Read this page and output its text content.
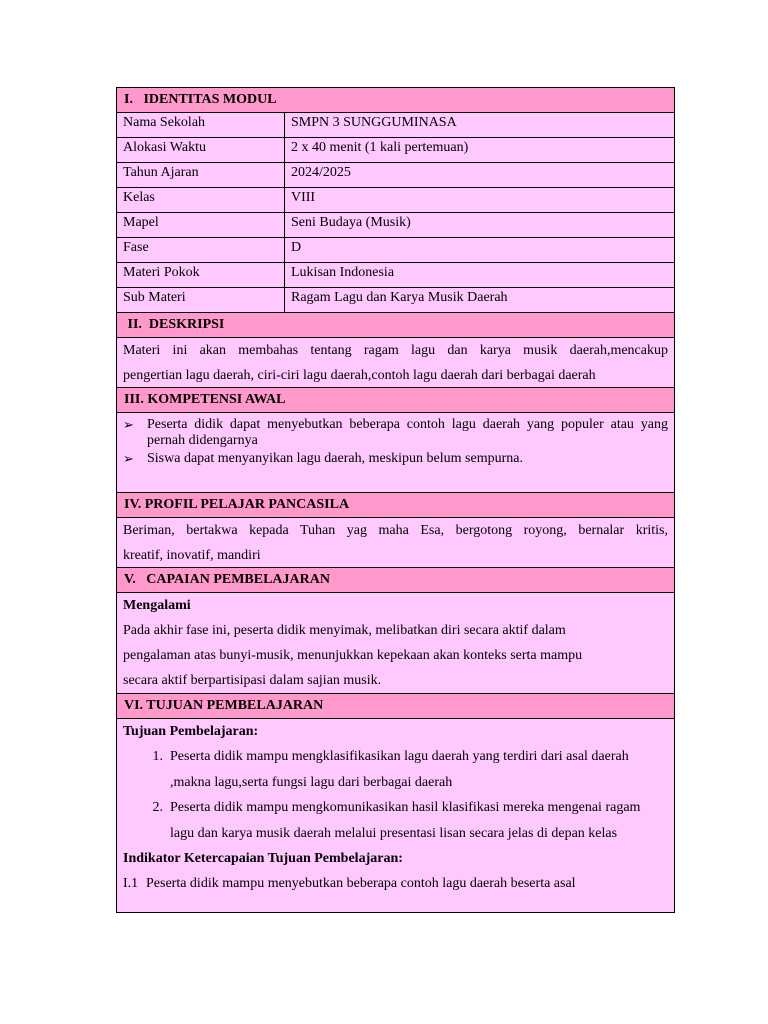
I.   IDENTITAS MODUL
Nama Sekolah	SMPN 3 SUNGGUMINASA
Alokasi Waktu	2 x 40 menit (1 kali pertemuan)
Tahun Ajaran	2024/2025
Kelas	VIII
Mapel	Seni Budaya (Musik)
Fase	D
Materi Pokok	Lukisan Indonesia
Sub Materi	Ragam Lagu dan Karya Musik Daerah
II.  DESKRIPSI
Materi ini akan membahas tentang ragam lagu dan karya musik daerah,mencakup
pengertian lagu daerah, ciri-ciri lagu daerah,contoh lagu daerah dari berbagai daerah
III. KOMPETENSI AWAL
➢ Peserta didik dapat menyebutkan beberapa contoh lagu daerah yang populer atau yang pernah didengarnya
➢ Siswa dapat menyanyikan lagu daerah, meskipun belum sempurna.
IV. PROFIL PELAJAR PANCASILA
Beriman, bertakwa kepada Tuhan yag maha Esa, bergotong royong, bernalar kritis,
kreatif, inovatif, mandiri
V.   CAPAIAN PEMBELAJARAN
Mengalami
Pada akhir fase ini, peserta didik menyimak, melibatkan diri secara aktif dalam
pengalaman atas bunyi-musik, menunjukkan kepekaan akan konteks serta mampu
secara aktif berpartisipasi dalam sajian musik.
VI. TUJUAN PEMBELAJARAN
Tujuan Pembelajaran:
1. Peserta didik mampu mengklasifikasikan lagu daerah yang terdiri dari asal daerah ,makna lagu,serta fungsi lagu dari berbagai daerah
2. Peserta didik mampu mengkomunikasikan hasil klasifikasi mereka mengenai ragam lagu dan karya musik daerah melalui presentasi lisan secara jelas di depan kelas
Indikator Ketercapaian Tujuan Pembelajaran:
I.1 Peserta didik mampu menyebutkan beberapa contoh lagu daerah beserta asal
